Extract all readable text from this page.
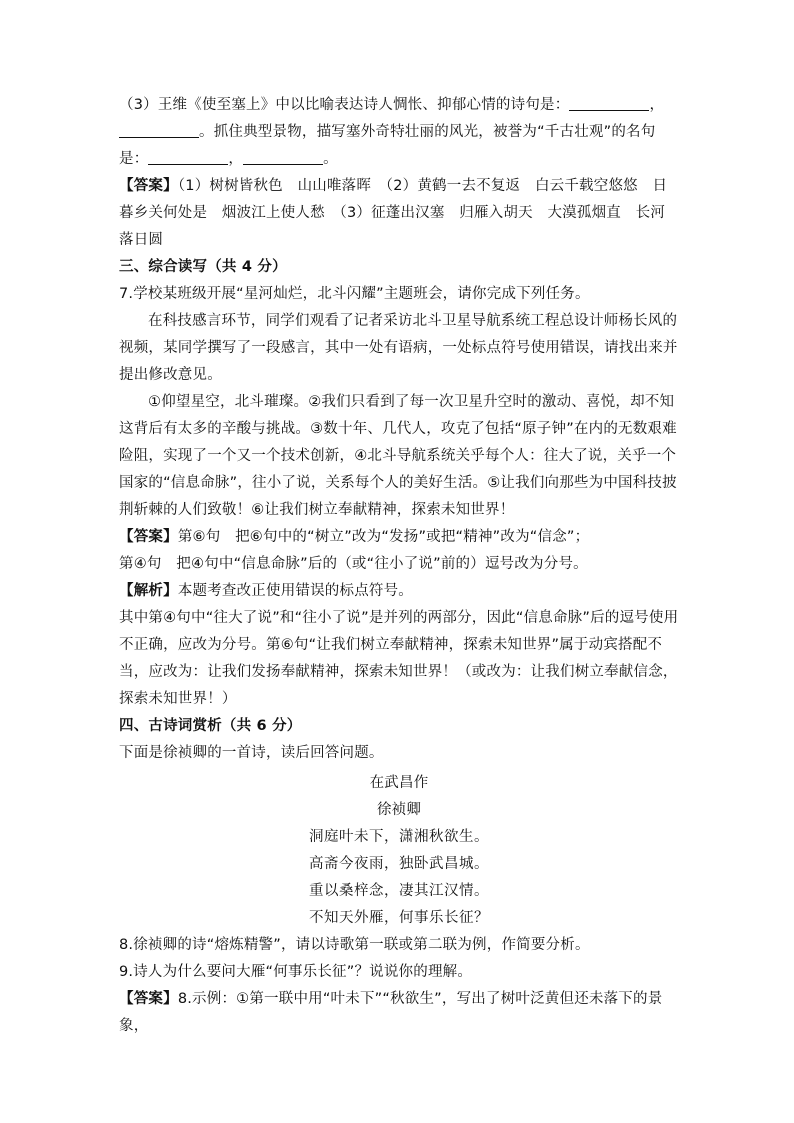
（3）王维《使至塞上》中以比喻表达诗人惆怅、抑郁心情的诗句是：	，
。抓住典型景物，描写塞外奇特壮丽的风光，被誉为“千古壮观”的名句
是：	，	。

【答案】（1）树树皆秋色　山山唯落晖　（2）黄鹤一去不复返　白云千载空悠悠　日暮乡关何处是　烟波江上使人愁　（3）征蓬出汉塞　归雁入胡天　大漠孤烟直　长河落日圆

三、综合读写（共 4 分）

7.学校某班级开展“星河灿烂，北斗闪耀”主题班会，请你完成下列任务。

在科技感言环节，同学们观看了记者采访北斗卫星导航系统工程总设计师杨长风的视频，某同学撰写了一段感言，其中一处有语病，一处标点符号使用错误，请找出来并提出修改意见。

①仰望星空，北斗璀璨。②我们只看到了每一次卫星升空时的激动、喜悦，却不知这背后有太多的辛酸与挑战。③数十年、几代人，攻克了包括“原子钟”在内的无数艰难险阻，实现了一个又一个技术创新，④北斗导航系统关乎每个人：往大了说，关乎一个国家的“信息命脉”，往小了说，关系每个人的美好生活。⑤让我们向那些为中国科技披荆斩棘的人们致敬！⑥让我们树立奉献精神，探索未知世界！

【答案】第⑥句　把⑥句中的“树立”改为“发扬”或把“精神”改为“信念”；

第④句　把④句中“信息命脉”后的（或“往小了说”前的）逗号改为分号。

【解析】本题考查改正使用错误的标点符号。

其中第④句中“往大了说”和“往小了说”是并列的两部分，因此“信息命脉”后的逗号使用不正确，应改为分号。第⑥句“让我们树立奉献精神，探索未知世界”属于动宾搭配不当，应改为：让我们发扬奉献精神，探索未知世界！（或改为：让我们树立奉献信念，探索未知世界！）

四、古诗词赏析（共 6 分）

下面是徐祯卿的一首诗，读后回答问题。

在武昌作

徐祯卿

洞庭叶未下，潇湘秋欲生。

高斋今夜雨，独卧武昌城。

重以桑梓念，凄其江汉情。

不知天外雁，何事乐长征？

8.徐祯卿的诗“熔炼精警”，请以诗歌第一联或第二联为例，作简要分析。

9.诗人为什么要问大雁“何事乐长征”？说说你的理解。

【答案】8.示例：①第一联中用“叶未下”“秋欲生”，写出了树叶泛黄但还未落下的景象，
